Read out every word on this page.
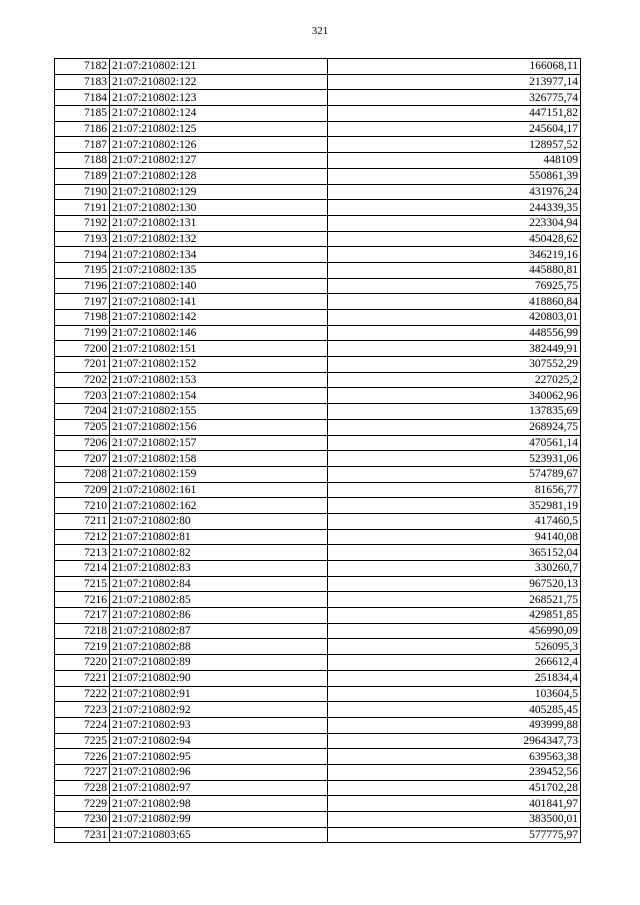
321
7182	21:07:210802:121	166068,11
7183	21:07:210802:122	213977,14
7184	21:07:210802:123	326775,74
7185	21:07:210802:124	447151,82
7186	21:07:210802:125	245604,17
7187	21:07:210802:126	128957,52
7188	21:07:210802:127	448109
7189	21:07:210802:128	550861,39
7190	21:07:210802:129	431976,24
7191	21:07:210802:130	244339,35
7192	21:07:210802:131	223304,94
7193	21:07:210802:132	450428,62
7194	21:07:210802:134	346219,16
7195	21:07:210802:135	445880,81
7196	21:07:210802:140	76925,75
7197	21:07:210802:141	418860,84
7198	21:07:210802:142	420803,01
7199	21:07:210802:146	448556,99
7200	21:07:210802:151	382449,91
7201	21:07:210802:152	307552,29
7202	21:07:210802:153	227025,2
7203	21:07:210802:154	340062,96
7204	21:07:210802:155	137835,69
7205	21:07:210802:156	268924,75
7206	21:07:210802:157	470561,14
7207	21:07:210802:158	523931,06
7208	21:07:210802:159	574789,67
7209	21:07:210802:161	81656,77
7210	21:07:210802:162	352981,19
7211	21:07:210802:80	417460,5
7212	21:07:210802:81	94140,08
7213	21:07:210802:82	365152,04
7214	21:07:210802:83	330260,7
7215	21:07:210802:84	967520,13
7216	21:07:210802:85	268521,75
7217	21:07:210802:86	429851,85
7218	21:07:210802:87	456990,09
7219	21:07:210802:88	526095,3
7220	21:07:210802:89	266612,4
7221	21:07:210802:90	251834,4
7222	21:07:210802:91	103604,5
7223	21:07:210802:92	405285,45
7224	21:07:210802:93	493999,88
7225	21:07:210802:94	2964347,73
7226	21:07:210802:95	639563,38
7227	21:07:210802:96	239452,56
7228	21:07:210802:97	451702,28
7229	21:07:210802:98	401841,97
7230	21:07:210802:99	383500,01
7231	21:07:210803:65	577775,97
